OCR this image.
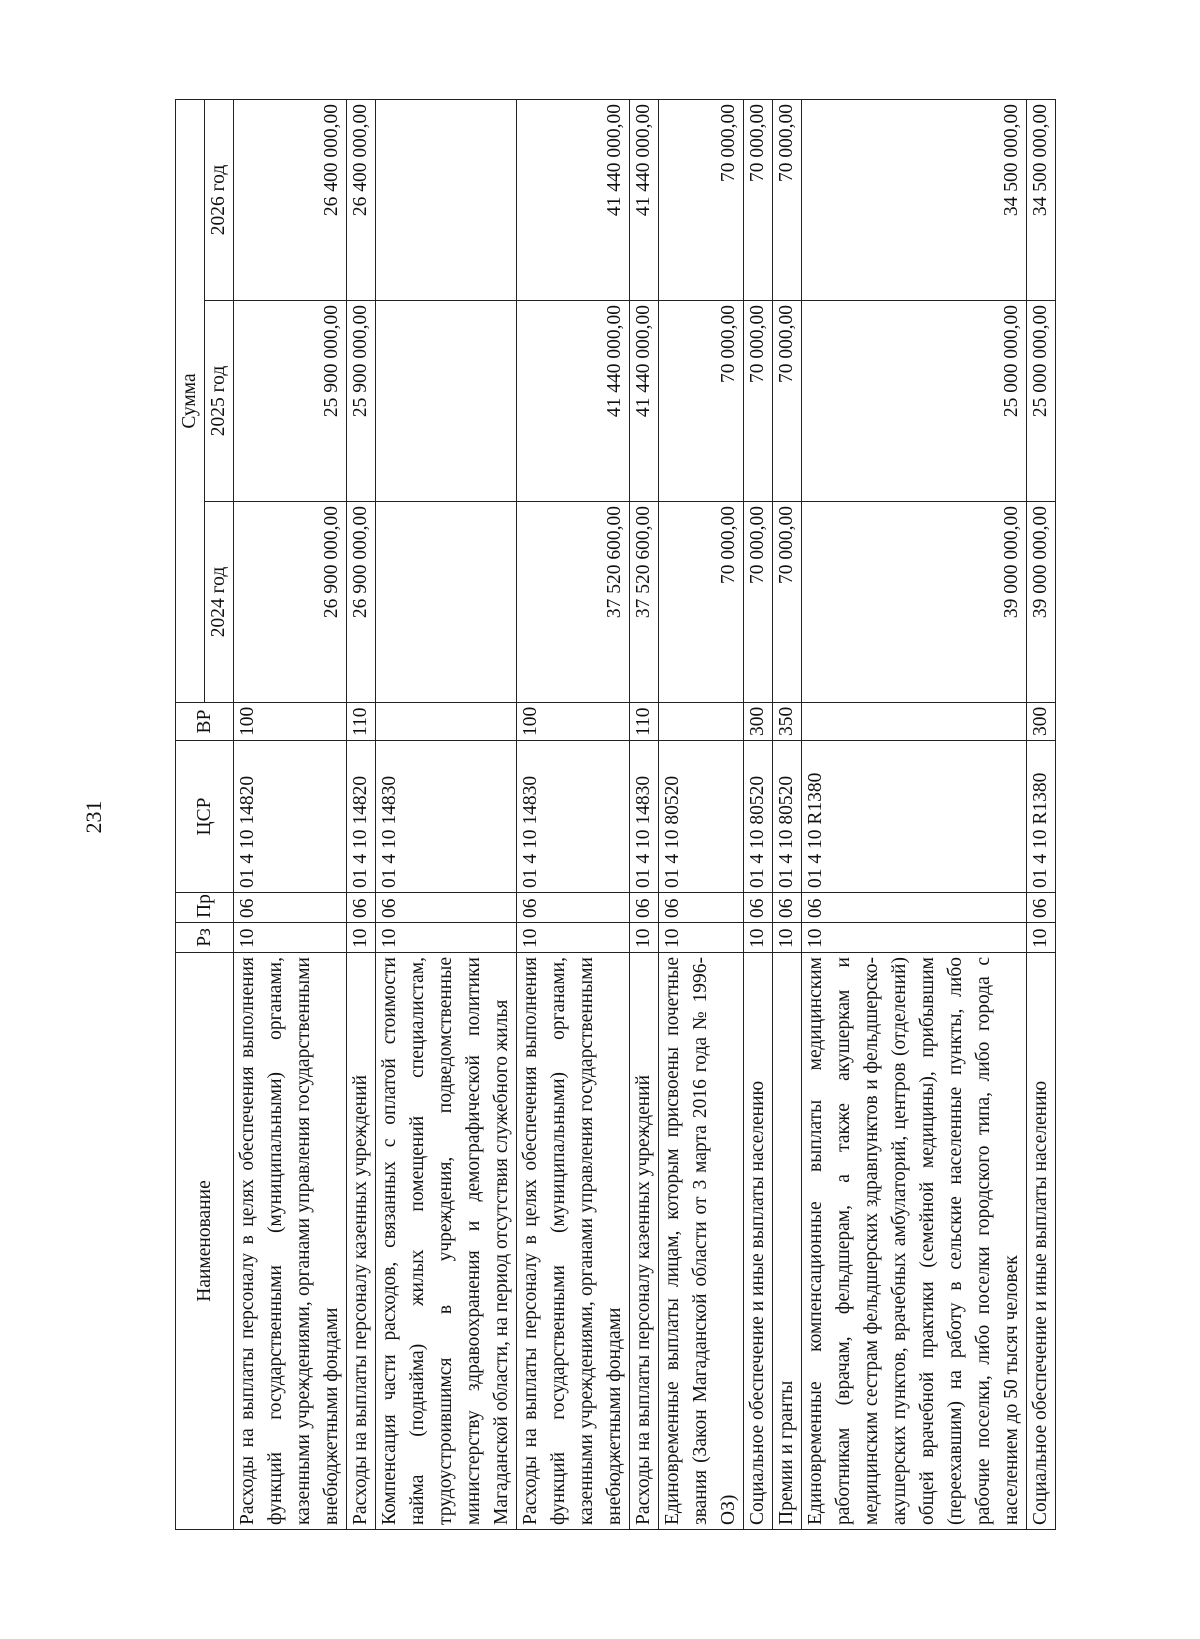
231
Наименование	Рз	Пр	ЦСР	ВР	Сумма		
					2024 год	2025 год	2026 год
Расходы на выплаты персоналу в целях обеспечения выполнения функций государственными (муниципальными) органами, казенными учреждениями, органами управления государственными внебюджетными фондами	10	06	01 4 10 14820	100	26 900 000,00	25 900 000,00	26 400 000,00
Расходы на выплаты персоналу казенных учреждений	10	06	01 4 10 14820	110	26 900 000,00	25 900 000,00	26 400 000,00
Компенсация части расходов, связанных с оплатой стоимости найма (поднайма) жилых помещений специалистам, трудоустроившимся в учреждения, подведомственные министерству здравоохранения и демографической политики Магаданской области, на период отсутствия служебного жилья	10	06	01 4 10 14830				
Расходы на выплаты персоналу в целях обеспечения выполнения функций государственными (муниципальными) органами, казенными учреждениями, органами управления государственными внебюджетными фондами	10	06	01 4 10 14830	100	37 520 600,00	41 440 000,00	41 440 000,00
Расходы на выплаты персоналу казенных учреждений	10	06	01 4 10 14830	110	37 520 600,00	41 440 000,00	41 440 000,00
Единовременные выплаты лицам, которым присвоены почетные звания (Закон Магаданской области от 3 марта 2016 года № 1996-ОЗ)	10	06	01 4 10 80520		70 000,00	70 000,00	70 000,00
Социальное обеспечение и иные выплаты населению	10	06	01 4 10 80520	300	70 000,00	70 000,00	70 000,00
Премии и гранты	10	06	01 4 10 80520	350	70 000,00	70 000,00	70 000,00
Единовременные компенсационные выплаты медицинским работникам (врачам, фельдшерам, а также акушеркам и медицинским сестрам фельдшерских здравпунктов и фельдшерско-акушерских пунктов, врачебных амбулаторий, центров (отделений) общей врачебной практики (семейной медицины), прибывшим (переехавшим) на работу в сельские населенные пункты, либо рабочие поселки, либо поселки городского типа, либо города с населением до 50 тысяч человек	10	06	01 4 10 R1380		39 000 000,00	25 000 000,00	34 500 000,00
Социальное обеспечение и иные выплаты населению	10	06	01 4 10 R1380	300	39 000 000,00	25 000 000,00	34 500 000,00
